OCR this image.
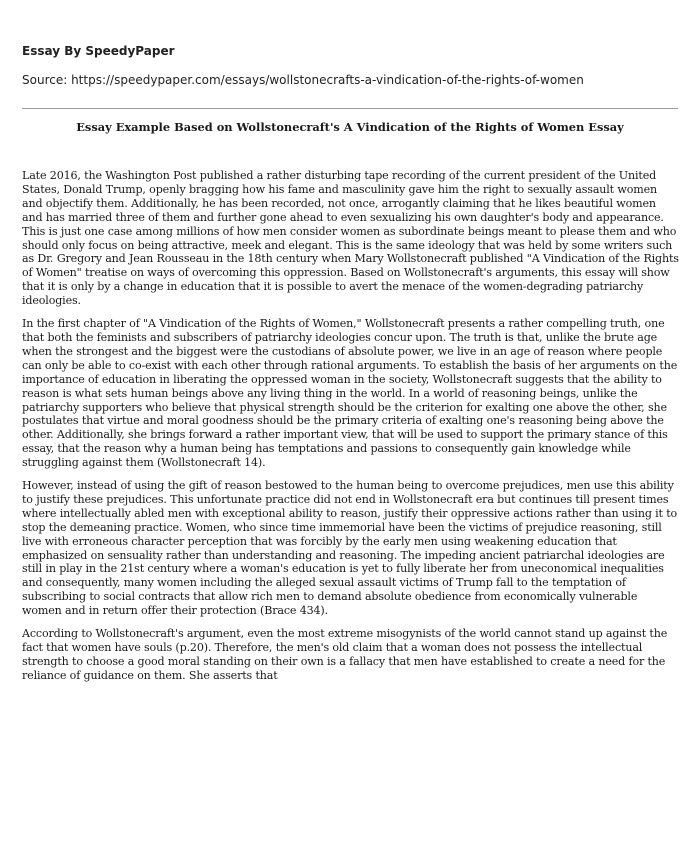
Essay By SpeedyPaper
Source: https://speedypaper.com/essays/wollstonecrafts-a-vindication-of-the-rights-of-women
Essay Example Based on Wollstonecraft's A Vindication of the Rights of Women Essay

Late 2016, the Washington Post published a rather disturbing tape recording of the current president of the United States, Donald Trump, openly bragging how his fame and masculinity gave him the right to sexually assault women and objectify them. Additionally, he has been recorded, not once, arrogantly claiming that he likes beautiful women and has married three of them and further gone ahead to even sexualizing his own daughter's body and appearance. This is just one case among millions of how men consider women as subordinate beings meant to please them and who should only focus on being attractive, meek and elegant. This is the same ideology that was held by some writers such as Dr. Gregory and Jean Rousseau in the 18th century when Mary Wollstonecraft published "A Vindication of the Rights of Women" treatise on ways of overcoming this oppression. Based on Wollstonecraft's arguments, this essay will show that it is only by a change in education that it is possible to avert the menace of the women-degrading patriarchy ideologies.

In the first chapter of "A Vindication of the Rights of Women," Wollstonecraft presents a rather compelling truth, one that both the feminists and subscribers of patriarchy ideologies concur upon. The truth is that, unlike the brute age when the strongest and the biggest were the custodians of absolute power, we live in an age of reason where people can only be able to co-exist with each other through rational arguments. To establish the basis of her arguments on the importance of education in liberating the oppressed woman in the society, Wollstonecraft suggests that the ability to reason is what sets human beings above any living thing in the world. In a world of reasoning beings, unlike the patriarchy supporters who believe that physical strength should be the criterion for exalting one above the other, she postulates that virtue and moral goodness should be the primary criteria of exalting one's reasoning being above the other. Additionally, she brings forward a rather important view, that will be used to support the primary stance of this essay, that the reason why a human being has temptations and passions to consequently gain knowledge while struggling against them (Wollstonecraft 14).

However, instead of using the gift of reason bestowed to the human being to overcome prejudices, men use this ability to justify these prejudices. This unfortunate practice did not end in Wollstonecraft era but continues till present times where intellectually abled men with exceptional ability to reason, justify their oppressive actions rather than using it to stop the demeaning practice. Women, who since time immemorial have been the victims of prejudice reasoning, still live with erroneous character perception that was forcibly by the early men using weakening education that emphasized on sensuality rather than understanding and reasoning. The impeding ancient patriarchal ideologies are still in play in the 21st century where a woman's education is yet to fully liberate her from uneconomical inequalities and consequently, many women including the alleged sexual assault victims of Trump fall to the temptation of subscribing to social contracts that allow rich men to demand absolute obedience from economically vulnerable women and in return offer their protection (Brace 434).

According to Wollstonecraft's argument, even the most extreme misogynists of the world cannot stand up against the fact that women have souls (p.20). Therefore, the men's old claim that a woman does not possess the intellectual strength to choose a good moral standing on their own is a fallacy that men have established to create a need for the reliance of guidance on them. She asserts that
